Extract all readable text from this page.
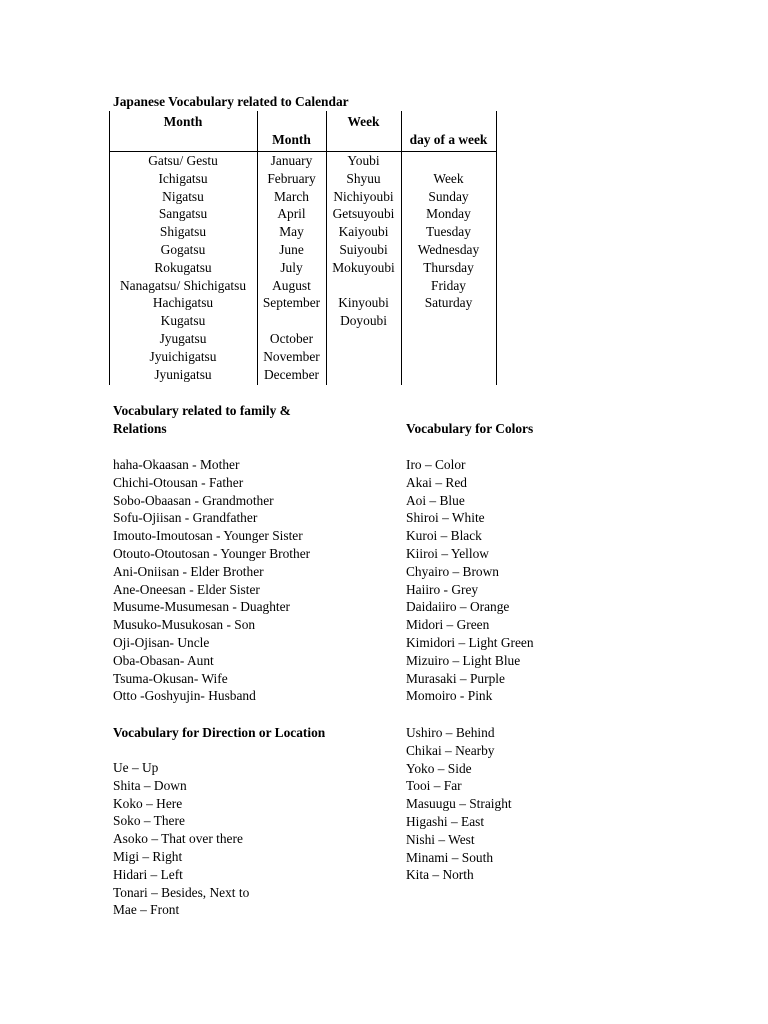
Japanese Vocabulary related to Calendar
Month
Month
Week
day of a week
Gatsu/ Gestu
Ichigatsu
Nigatsu
Sangatsu
Shigatsu
Gogatsu
Rokugatsu
Nanagatsu/ Shichigatsu
Hachigatsu
Kugatsu
Jyugatsu
Jyuichigatsu
Jyunigatsu
January
February
March
April
May
June
July
August
September
October
November
December
Youbi
Shyuu
Nichiyoubi
Getsuyoubi
Kaiyoubi
Suiyoubi
Mokuyoubi
Kinyoubi
Doyoubi
Week
Sunday
Monday
Tuesday
Wednesday
Thursday
Friday
Saturday
Vocabulary related to family &
Relations
haha-Okaasan - Mother
Chichi-Otousan - Father
Sobo-Obaasan - Grandmother
Sofu-Ojiisan - Grandfather
Imouto-Imoutosan - Younger Sister
Otouto-Otoutosan - Younger Brother
Ani-Oniisan - Elder Brother
Ane-Oneesan - Elder Sister
Musume-Musumesan - Duaghter
Musuko-Musukosan - Son
Oji-Ojisan- Uncle
Oba-Obasan- Aunt
Tsuma-Okusan- Wife
Otto -Goshyujin- Husband
Vocabulary for Colors
Iro – Color
Akai – Red
Aoi – Blue
Shiroi – White
Kuroi – Black
Kiiroi – Yellow
Chyairo – Brown
Haiiro - Grey
Daidaiiro – Orange
Midori – Green
Kimidori – Light Green
Mizuiro – Light Blue
Murasaki – Purple
Momoiro - Pink
Vocabulary for Direction or Location
Ue – Up
Shita – Down
Koko – Here
Soko – There
Asoko – That over there
Migi – Right
Hidari – Left
Tonari – Besides, Next to
Mae – Front
Ushiro – Behind
Chikai – Nearby
Yoko – Side
Tooi – Far
Masuugu – Straight
Higashi – East
Nishi – West
Minami – South
Kita – North
